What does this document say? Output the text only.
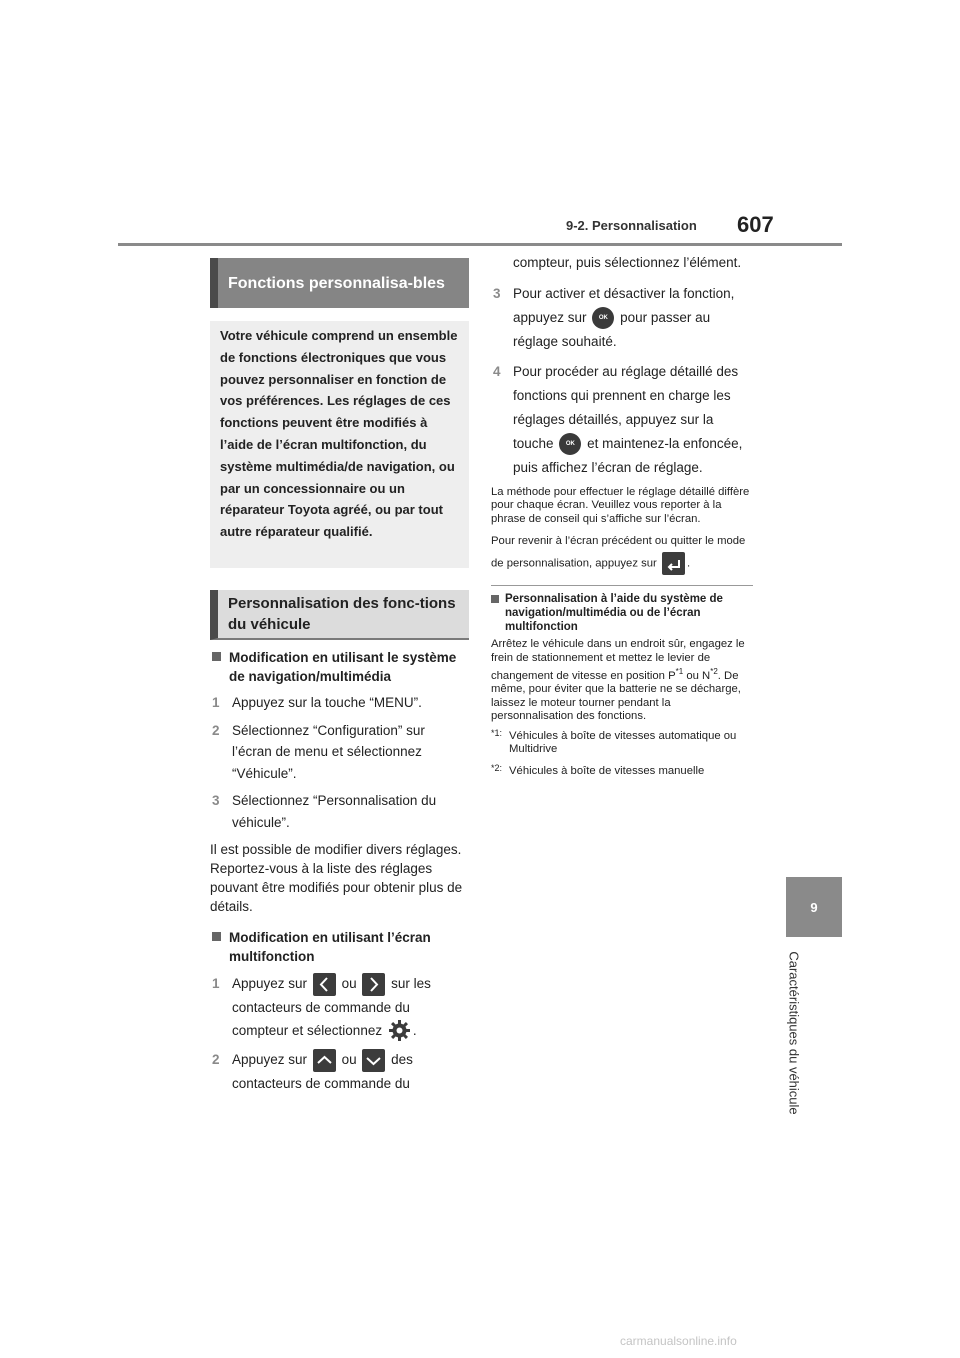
9-2. Personnalisation 607
9
Caractéristiques du véhicule
Fonctions personnalisa-bles
Votre véhicule comprend un ensemble de fonctions électroniques que vous pouvez personnaliser en fonction de vos préférences. Les réglages de ces fonctions peuvent être modifiés à l’aide de l’écran multifonction, du système multimédia/de navigation, ou par un concessionnaire ou un réparateur Toyota agréé, ou par tout autre réparateur qualifié.
Personnalisation des fonc-tions du véhicule
Modification en utilisant le système de navigation/multimédia
1 Appuyez sur la touche “MENU”.
2 Sélectionnez “Configuration” sur l’écran de menu et sélectionnez “Véhicule”.
3 Sélectionnez “Personnalisation du véhicule”.
Il est possible de modifier divers réglages. Reportez-vous à la liste des réglages pouvant être modifiés pour obtenir plus de détails.
Modification en utilisant l’écran multifonction
1 Appuyez sur	ou	sur les contacteurs de commande du compteur et sélectionnez .
2 Appuyez sur	ou	des contacteurs de commande du
compteur, puis sélectionnez l’élément.
3 Pour activer et désactiver la fonction, appuyez sur	OK pour passer au réglage souhaité.
4 Pour procéder au réglage détaillé des fonctions qui prennent en charge les réglages détaillés, appuyez sur la touche	OK et maintenez-la enfoncée, puis affichez l’écran de réglage.
La méthode pour effectuer le réglage détaillé diffère pour chaque écran. Veuillez vous reporter à la phrase de conseil qui s’affiche sur l’écran.
Pour revenir à l’écran précédent ou quitter le mode de personnalisation, appuyez sur	.
Personnalisation à l’aide du système de navigation/multimédia ou de l’écran multifonction
Arrêtez le véhicule dans un endroit sûr, engagez le frein de stationnement et mettez le levier de changement de vitesse en position $P^{*1}$ ou $N^{*2}$. De même, pour éviter que la batterie ne se décharge, laissez le moteur tourner pendant la personnalisation des fonctions.
*1: Véhicules à boîte de vitesses automatique ou Multidrive
*2: Véhicules à boîte de vitesses manuelle
carmanualsonline.info
